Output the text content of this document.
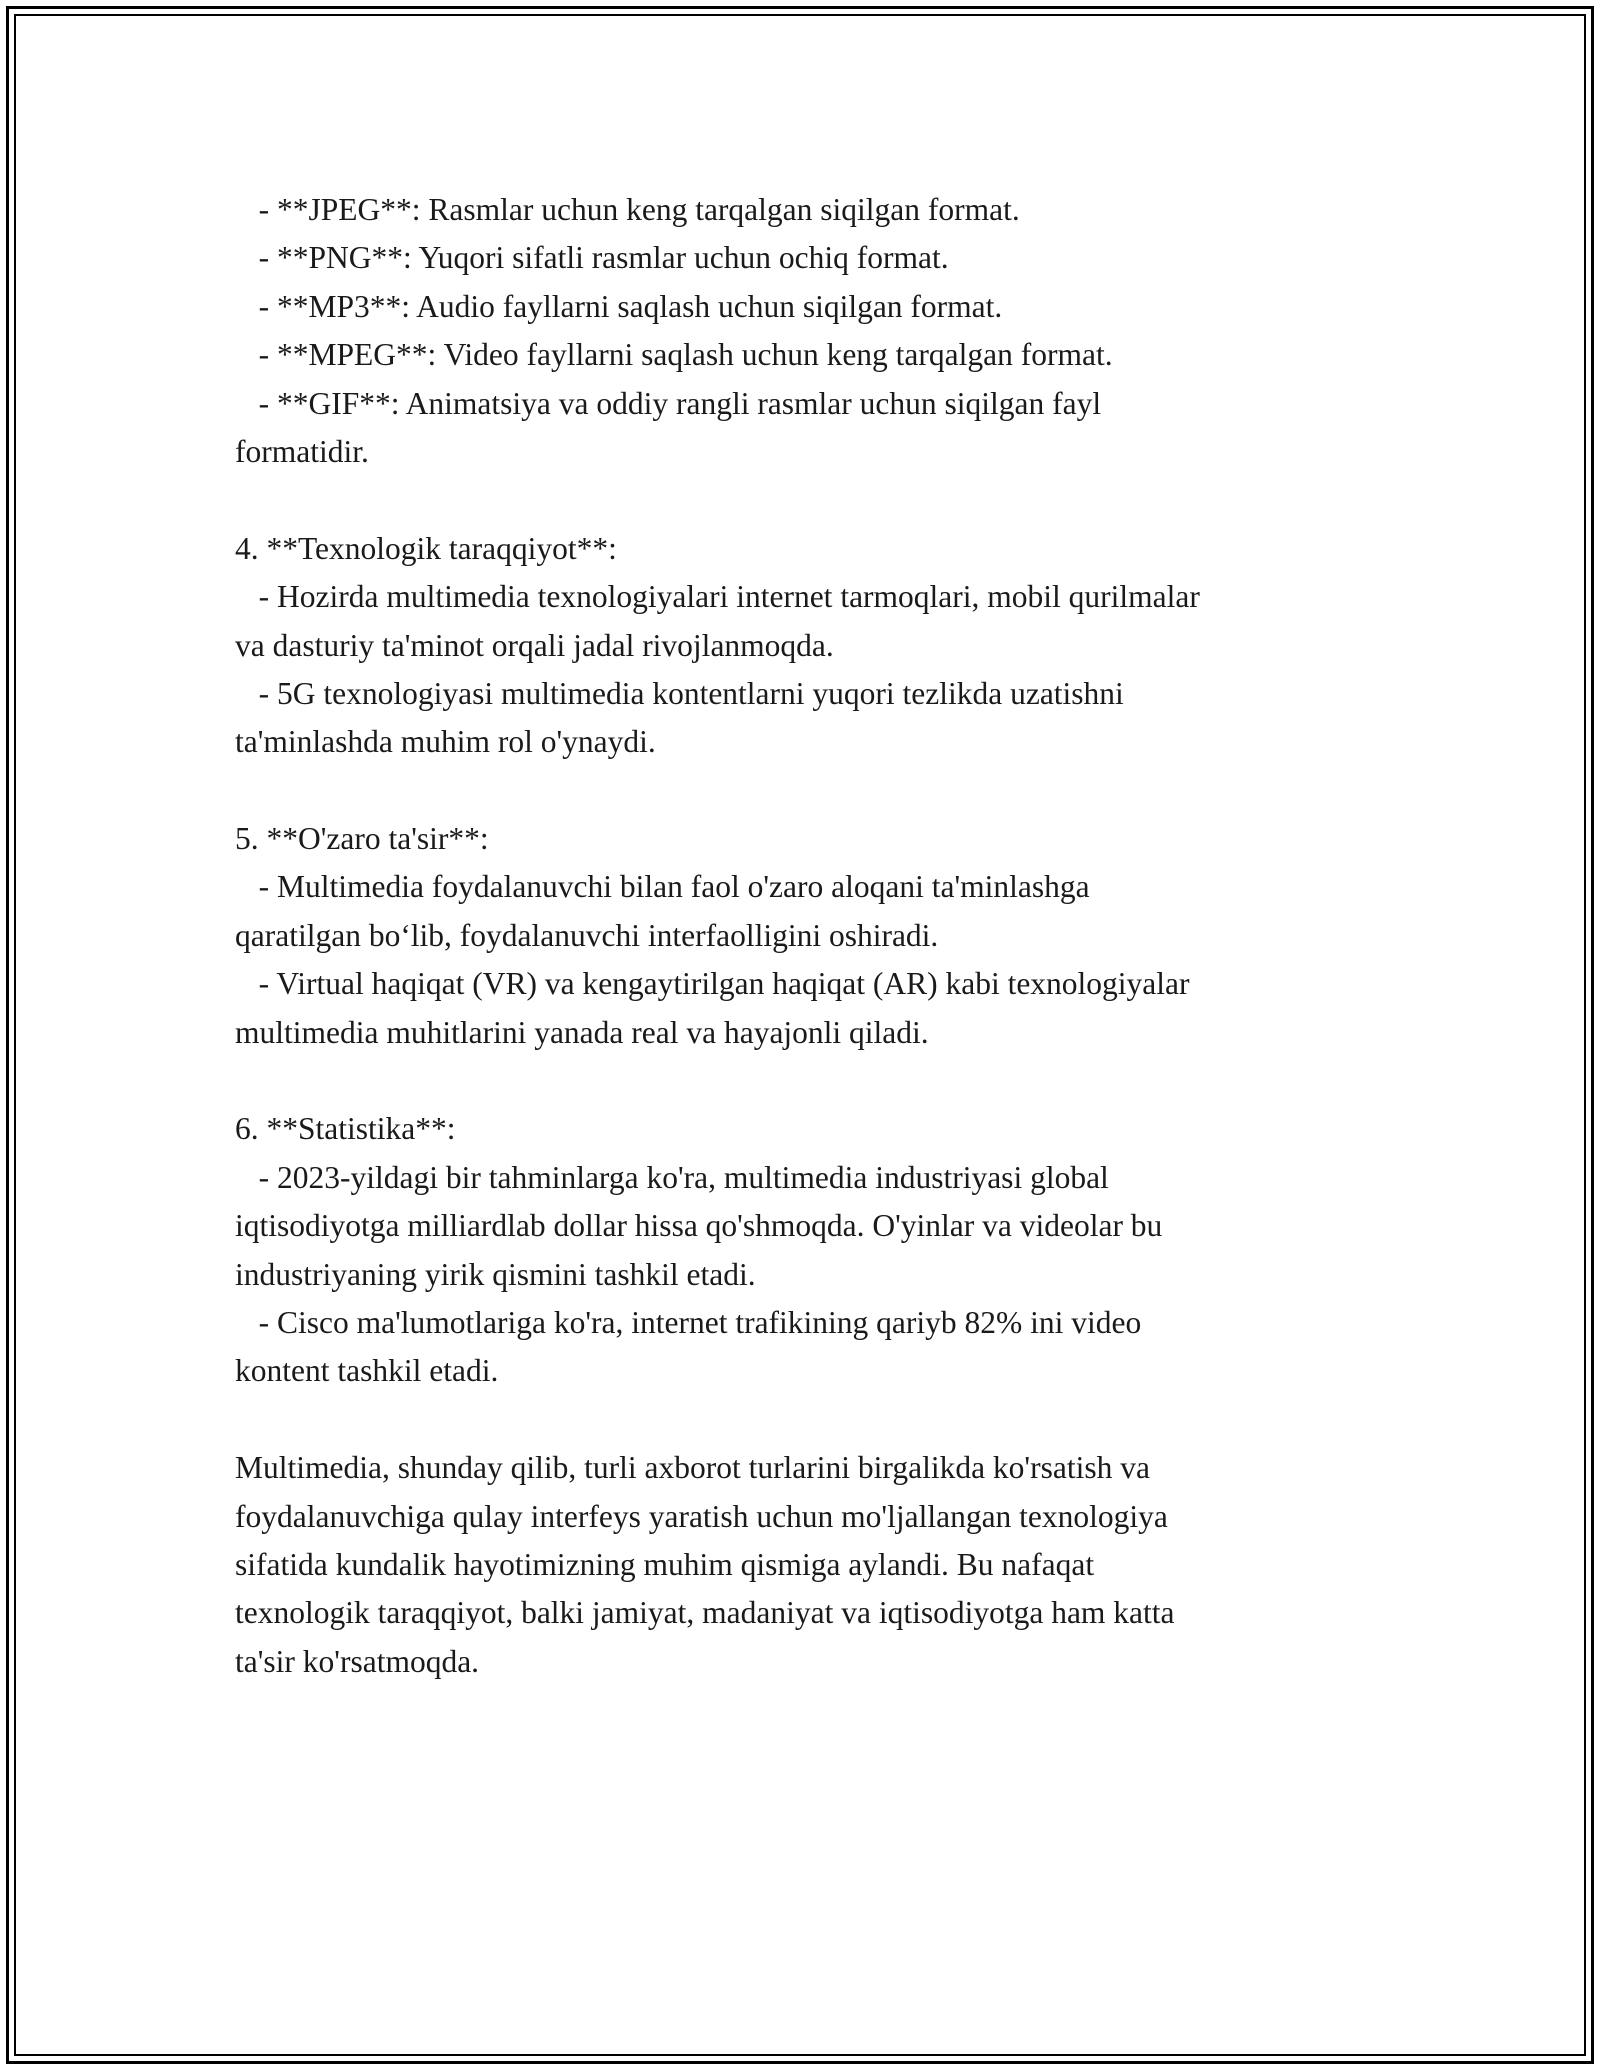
- **JPEG**: Rasmlar uchun keng tarqalgan siqilgan format.
- **PNG**: Yuqori sifatli rasmlar uchun ochiq format.
- **MP3**: Audio fayllarni saqlash uchun siqilgan format.
- **MPEG**: Video fayllarni saqlash uchun keng tarqalgan format.
- **GIF**: Animatsiya va oddiy rangli rasmlar uchun siqilgan fayl
formatidir.
4. **Texnologik taraqqiyot**:
- Hozirda multimedia texnologiyalari internet tarmoqlari, mobil qurilmalar
va dasturiy ta'minot orqali jadal rivojlanmoqda.
- 5G texnologiyasi multimedia kontentlarni yuqori tezlikda uzatishni
ta'minlashda muhim rol o'ynaydi.
5. **O'zaro ta'sir**:
- Multimedia foydalanuvchi bilan faol o'zaro aloqani ta'minlashga
qaratilgan bo‘lib, foydalanuvchi interfaolligini oshiradi.
- Virtual haqiqat (VR) va kengaytirilgan haqiqat (AR) kabi texnologiyalar
multimedia muhitlarini yanada real va hayajonli qiladi.
6. **Statistika**:
- 2023-yildagi bir tahminlarga ko'ra, multimedia industriyasi global
iqtisodiyotga milliardlab dollar hissa qo'shmoqda. O'yinlar va videolar bu
industriyaning yirik qismini tashkil etadi.
- Cisco ma'lumotlariga ko'ra, internet trafikining qariyb 82% ini video
kontent tashkil etadi.
Multimedia, shunday qilib, turli axborot turlarini birgalikda ko'rsatish va
foydalanuvchiga qulay interfeys yaratish uchun mo'ljallangan texnologiya
sifatida kundalik hayotimizning muhim qismiga aylandi. Bu nafaqat
texnologik taraqqiyot, balki jamiyat, madaniyat va iqtisodiyotga ham katta
ta'sir ko'rsatmoqda.
